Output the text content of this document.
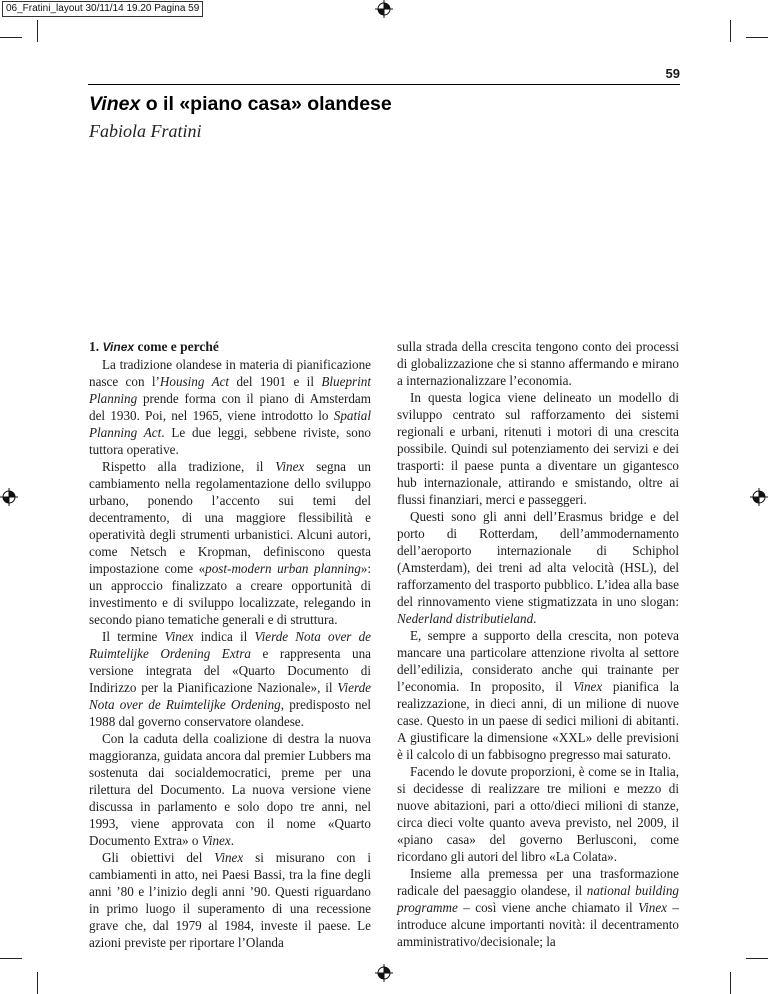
06_Fratini_layout 30/11/14 19.20 Pagina 59
59
Vinex o il «piano casa» olandese
Fabiola Fratini

1. Vinex come e perché

La tradizione olandese in materia di pianificazione nasce con l’Housing Act del 1901 e il Blueprint Planning prende forma con il piano di Amsterdam del 1930. Poi, nel 1965, viene introdotto lo Spatial Planning Act. Le due leggi, sebbene riviste, sono tuttora operative.

Rispetto alla tradizione, il Vinex segna un cambiamento nella regolamentazione dello sviluppo urbano, ponendo l’accento sui temi del decentramento, di una maggiore flessibilità e operatività degli strumenti urbanistici. Alcuni autori, come Netsch e Kropman, definiscono questa impostazione come «post-modern urban planning»: un approccio finalizzato a creare opportunità di investimento e di sviluppo localizzate, relegando in secondo piano tematiche generali e di struttura.

Il termine Vinex indica il Vierde Nota over de Ruimtelijke Ordening Extra e rappresenta una versione integrata del «Quarto Documento di Indirizzo per la Pianificazione Nazionale», il Vierde Nota over de Ruimtelijke Ordening, predisposto nel 1988 dal governo conservatore olandese.

Con la caduta della coalizione di destra la nuova maggioranza, guidata ancora dal premier Lubbers ma sostenuta dai socialdemocratici, preme per una rilettura del Documento. La nuova versione viene discussa in parlamento e solo dopo tre anni, nel 1993, viene approvata con il nome «Quarto Documento Extra» o Vinex.

Gli obiettivi del Vinex si misurano con i cambiamenti in atto, nei Paesi Bassi, tra la fine degli anni ’80 e l’inizio degli anni ’90. Questi riguardano in primo luogo il superamento di una recessione grave che, dal 1979 al 1984, investe il paese. Le azioni previste per riportare l’Olanda

sulla strada della crescita tengono conto dei processi di globalizzazione che si stanno affermando e mirano a internazionalizzare l’economia.

In questa logica viene delineato un modello di sviluppo centrato sul rafforzamento dei sistemi regionali e urbani, ritenuti i motori di una crescita possibile. Quindi sul potenziamento dei servizi e dei trasporti: il paese punta a diventare un gigantesco hub internazionale, attirando e smistando, oltre ai flussi finanziari, merci e passeggeri.

Questi sono gli anni dell’Erasmus bridge e del porto di Rotterdam, dell’ammodernamento dell’aeroporto internazionale di Schiphol (Amsterdam), dei treni ad alta velocità (HSL), del rafforzamento del trasporto pubblico. L’idea alla base del rinnovamento viene stigmatizzata in uno slogan: Nederland distributieland.

E, sempre a supporto della crescita, non poteva mancare una particolare attenzione rivolta al settore dell’edilizia, considerato anche qui trainante per l’economia. In proposito, il Vinex pianifica la realizzazione, in dieci anni, di un milione di nuove case. Questo in un paese di sedici milioni di abitanti. A giustificare la dimensione «XXL» delle previsioni è il calcolo di un fabbisogno pregresso mai saturato.

Facendo le dovute proporzioni, è come se in Italia, si decidesse di realizzare tre milioni e mezzo di nuove abitazioni, pari a otto/dieci milioni di stanze, circa dieci volte quanto aveva previsto, nel 2009, il «piano casa» del governo Berlusconi, come ricordano gli autori del libro «La Colata».

Insieme alla premessa per una trasformazione radicale del paesaggio olandese, il national building programme – così viene anche chiamato il Vinex – introduce alcune importanti novità: il decentramento amministrativo/decisionale; la
